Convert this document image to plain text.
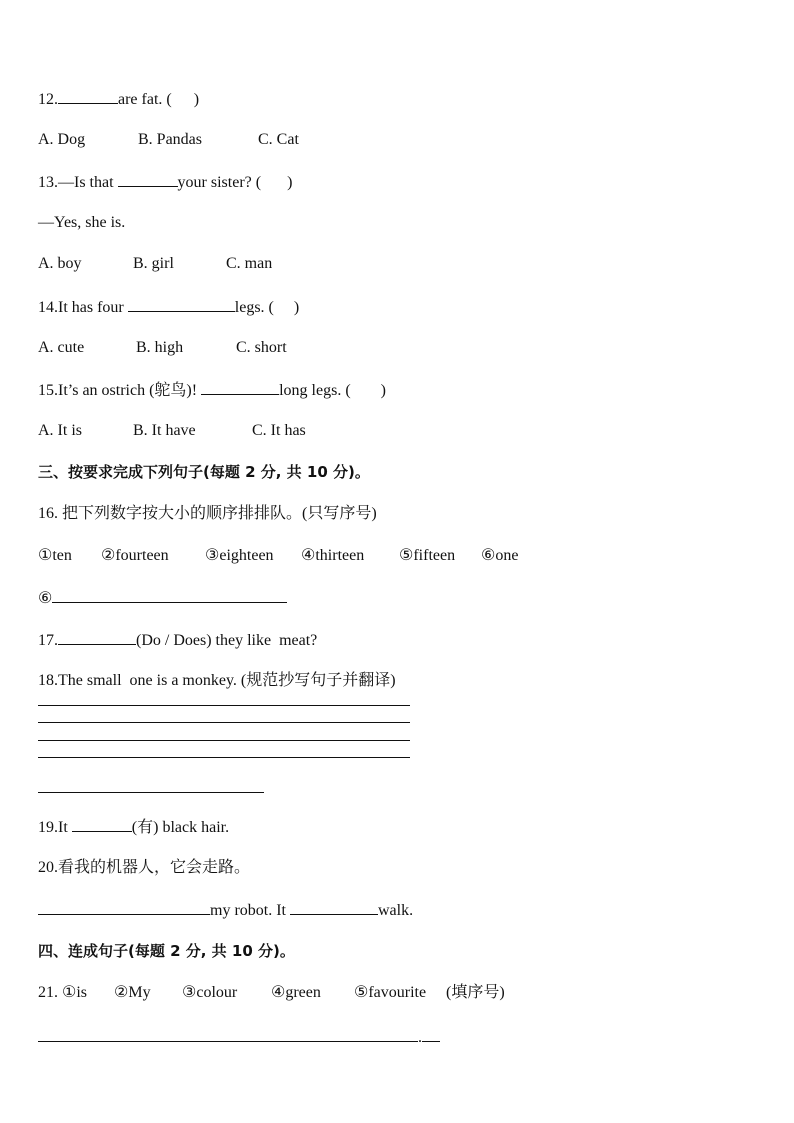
12.	are fat. ( )
A. Dog	B. Pandas	C. Cat
13.—Is that	your sister? ( )
—Yes, she is.
A. boy	B. girl	C. man
14.It has four	legs. ( )
A. cute	B. high	C. short
15.It’s an ostrich (鸵鸟)!	long legs. ( )
A. It is	B. It have	C. It has
三、按要求完成下列句子(每题 2 分, 共 10 分)。
16. 把下列数字按大小的顺序排排队。(只写序号)
①ten ②fourteen ③eighteen ④thirteen ⑤fifteen ⑥one
⑥
17.	(Do / Does) they like  meat?
18.The small  one is a monkey. (规范抄写句子并翻译)
19.It	(有) black hair.
20.看我的机器人，它会走路。
my robot. It	walk.
四、连成句子(每题 2 分, 共 10 分)。
21. ①is ②My ③colour ④green ⑤favourite (填序号)
.
